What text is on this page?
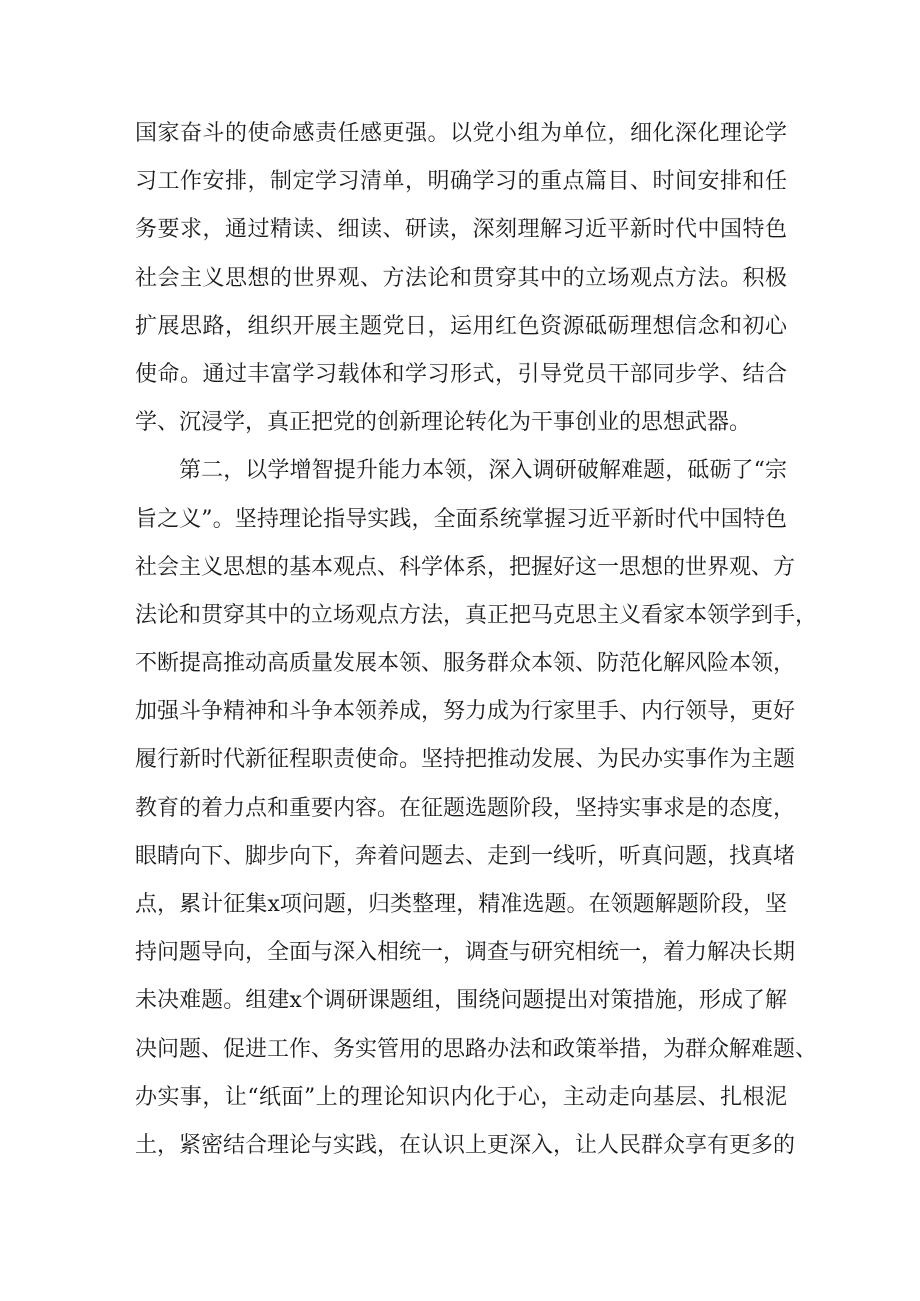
国家奋斗的使命感责任感更强。以党小组为单位，细化深化理论学
习工作安排，制定学习清单，明确学习的重点篇目、时间安排和任
务要求，通过精读、细读、研读，深刻理解习近平新时代中国特色
社会主义思想的世界观、方法论和贯穿其中的立场观点方法。积极
扩展思路，组织开展主题党日，运用红色资源砥砺理想信念和初心
使命。通过丰富学习载体和学习形式，引导党员干部同步学、结合
学、沉浸学，真正把党的创新理论转化为干事创业的思想武器。
第二，以学增智提升能力本领，深入调研破解难题，砥砺了“宗
旨之义”。坚持理论指导实践，全面系统掌握习近平新时代中国特色
社会主义思想的基本观点、科学体系，把握好这一思想的世界观、方
法论和贯穿其中的立场观点方法，真正把马克思主义看家本领学到手，
不断提高推动高质量发展本领、服务群众本领、防范化解风险本领，
加强斗争精神和斗争本领养成，努力成为行家里手、内行领导，更好
履行新时代新征程职责使命。坚持把推动发展、为民办实事作为主题
教育的着力点和重要内容。在征题选题阶段，坚持实事求是的态度，
眼睛向下、脚步向下，奔着问题去、走到一线听，听真问题，找真堵
点，累计征集x项问题，归类整理，精准选题。在领题解题阶段，坚
持问题导向，全面与深入相统一，调查与研究相统一，着力解决长期
未决难题。组建x个调研课题组，围绕问题提出对策措施，形成了解
决问题、促进工作、务实管用的思路办法和政策举措，为群众解难题、
办实事，让“纸面”上的理论知识内化于心，主动走向基层、扎根泥
土，紧密结合理论与实践，在认识上更深入，让人民群众享有更多的
